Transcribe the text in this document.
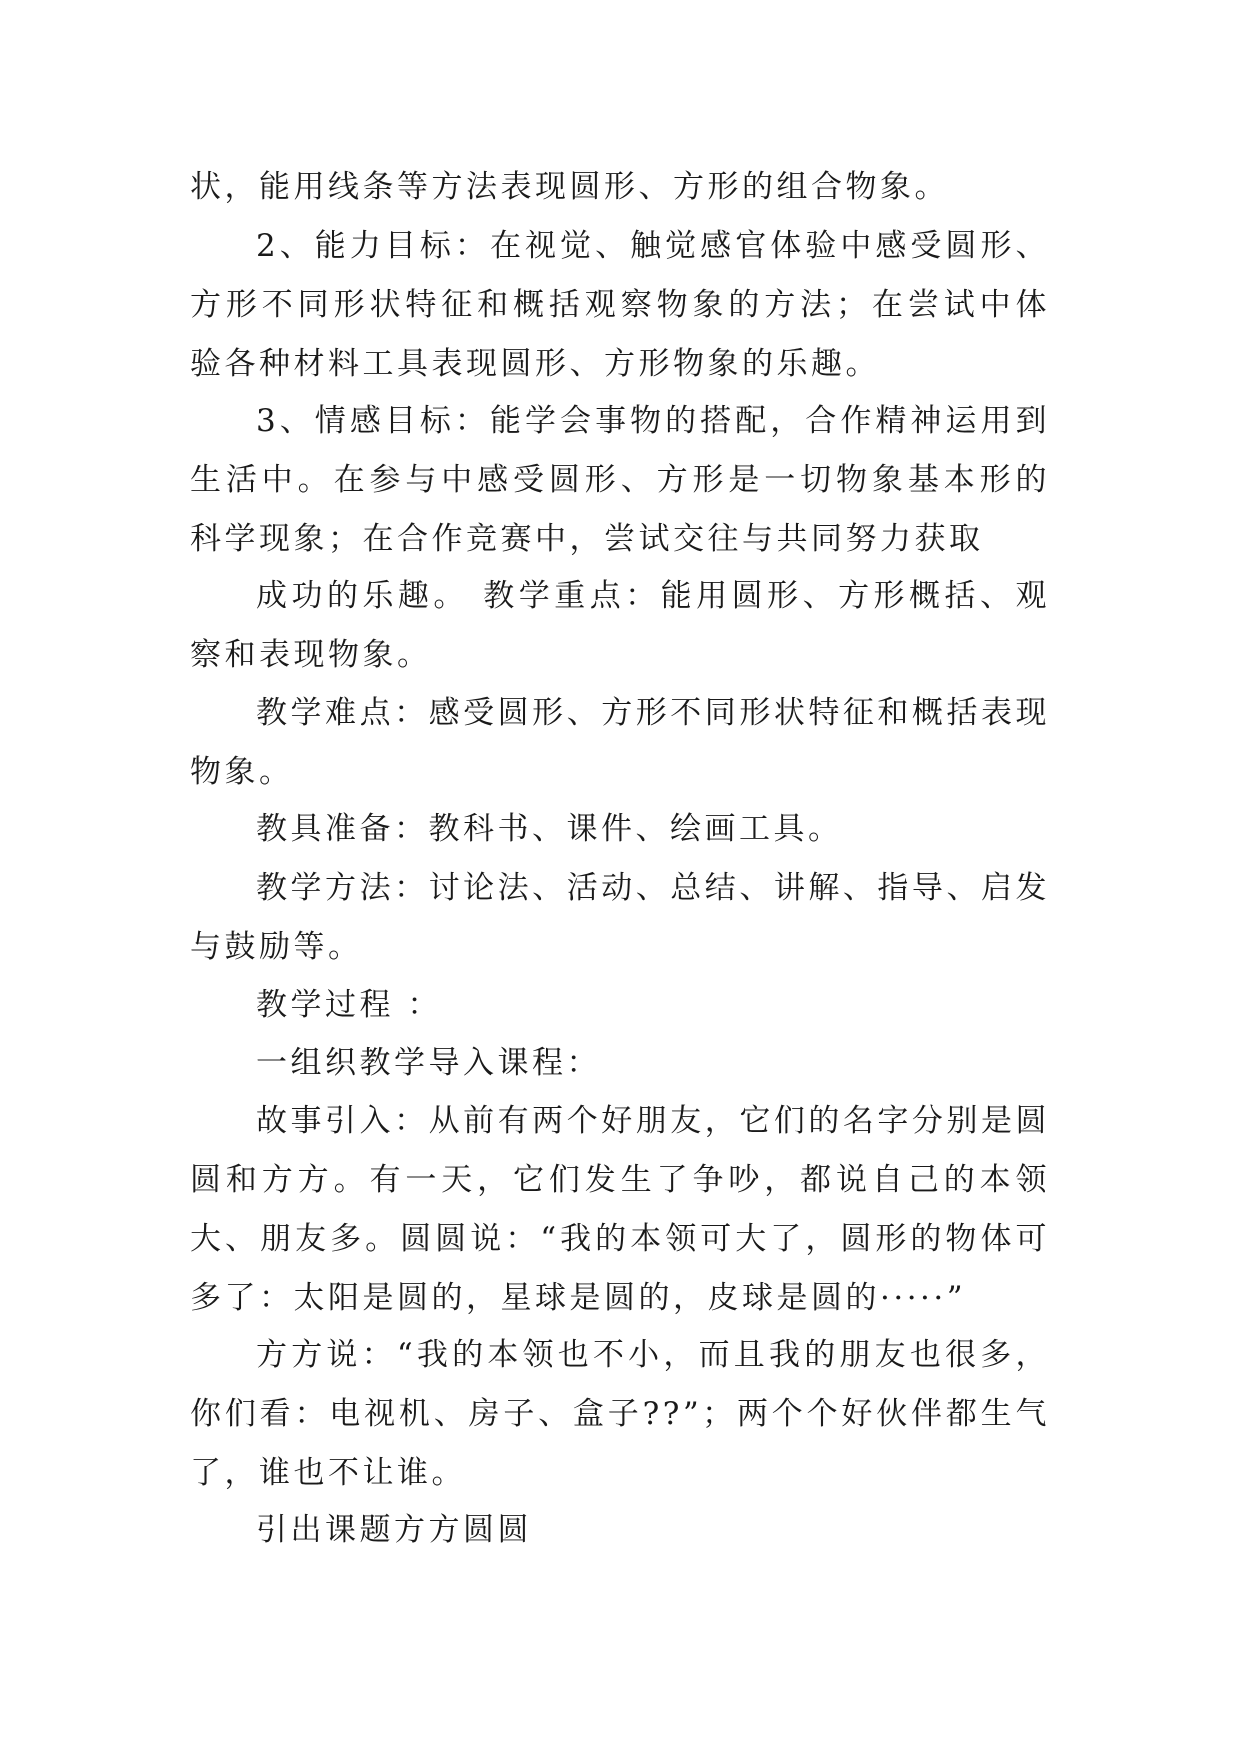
状，能用线条等方法表现圆形、方形的组合物象。

2、能力目标：在视觉、触觉感官体验中感受圆形、方形不同形状特征和概括观察物象的方法；在尝试中体验各种材料工具表现圆形、方形物象的乐趣。

3、情感目标：能学会事物的搭配，合作精神运用到生活中。在参与中感受圆形、方形是一切物象基本形的科学现象；在合作竞赛中，尝试交往与共同努力获取

成功的乐趣。 教学重点：能用圆形、方形概括、观察和表现物象。

教学难点：感受圆形、方形不同形状特征和概括表现物象。

教具准备：教科书、课件、绘画工具。

教学方法：讨论法、活动、总结、讲解、指导、启发与鼓励等。

教学过程 ：

一组织教学导入课程：

故事引入：从前有两个好朋友，它们的名字分别是圆圆和方方。有一天，它们发生了争吵，都说自己的本领大、朋友多。圆圆说：“我的本领可大了，圆形的物体可多了：太阳是圆的，星球是圆的，皮球是圆的·····”

方方说：“我的本领也不小，而且我的朋友也很多，你们看：电视机、房子、盒子??”；两个个好伙伴都生气了，谁也不让谁。

引出课题方方圆圆
